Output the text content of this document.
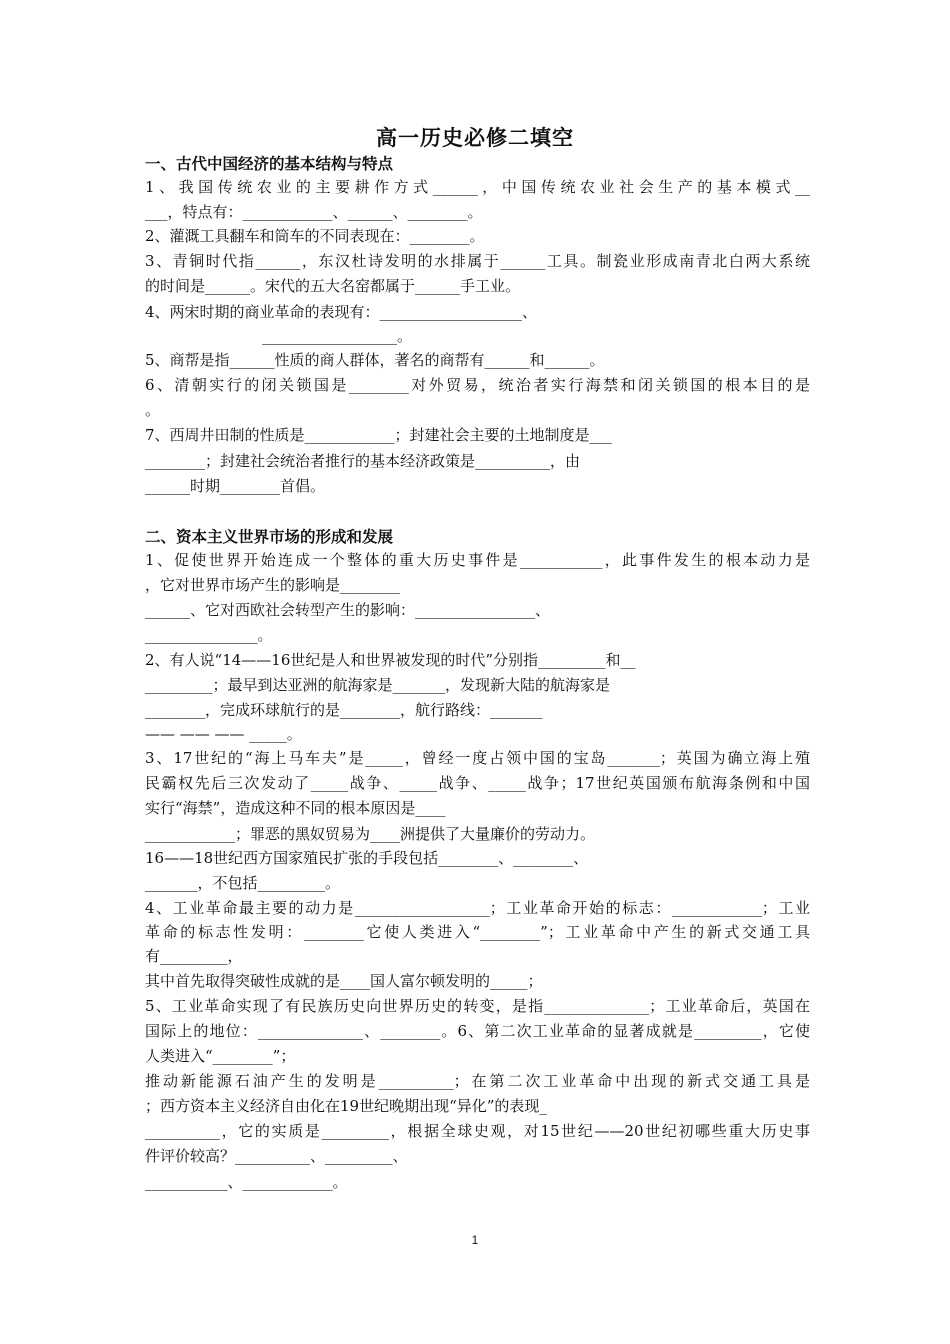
高一历史必修二填空
一、古代中国经济的基本结构与特点
1、我国传统农业的主要耕作方式______，中国传统农业社会生产的基本模式__
___，特点有：____________、______、________。
2、灌溉工具翻车和筒车的不同表现在：________。
3、青铜时代指______，东汉杜诗发明的水排属于______工具。制瓷业形成南青北白两大系统
的时间是______。宋代的五大名窑都属于______手工业。
4、两宋时期的商业革命的表现有：___________________、
__________________。
5、商帮是指______性质的商人群体，著名的商帮有______和______。
6、清朝实行的闭关锁国是________对外贸易，统治者实行海禁和闭关锁国的根本目的是
。
7、西周井田制的性质是____________；封建社会主要的土地制度是___
________；封建社会统治者推行的基本经济政策是__________，由
______时期________首倡。
二、资本主义世界市场的形成和发展
1、促使世界开始连成一个整体的重大历史事件是___________，此事件发生的根本动力是
，它对世界市场产生的影响是________
______、它对西欧社会转型产生的影响：________________、
_______________。
2、有人说“14——16世纪是人和世界被发现的时代”分别指_________和__
_________；最早到达亚洲的航海家是_______，发现新大陆的航海家是
________，完成环球航行的是________，航行路线：_______
—— —— —— _____。
3、17世纪的“海上马车夫”是_____，曾经一度占领中国的宝岛_______；英国为确立海上殖
民霸权先后三次发动了_____战争、_____战争、_____战争；17世纪英国颁布航海条例和中国
实行“海禁”，造成这种不同的根本原因是____
____________；罪恶的黑奴贸易为____洲提供了大量廉价的劳动力。
16——18世纪西方国家殖民扩张的手段包括________、________、
_______，不包括_________。
4、工业革命最主要的动力是__________________；工业革命开始的标志：____________；工业
革命的标志性发明：________它使人类进入“________”；工业革命中产生的新式交通工具
有_________，
其中首先取得突破性成就的是____国人富尔顿发明的_____；
5、工业革命实现了有民族历史向世界历史的转变，是指______________；工业革命后，英国在
国际上的地位：______________、________。6、第二次工业革命的显著成就是_________，它使
人类进入“________”；
推动新能源石油产生的发明是__________；在第二次工业革命中出现的新式交通工具是
；西方资本主义经济自由化在19世纪晚期出现“异化”的表现_
__________，它的实质是_________，根据全球史观，对15世纪——20世纪初哪些重大历史事
件评价较高？__________、_________、
___________、____________。
1
